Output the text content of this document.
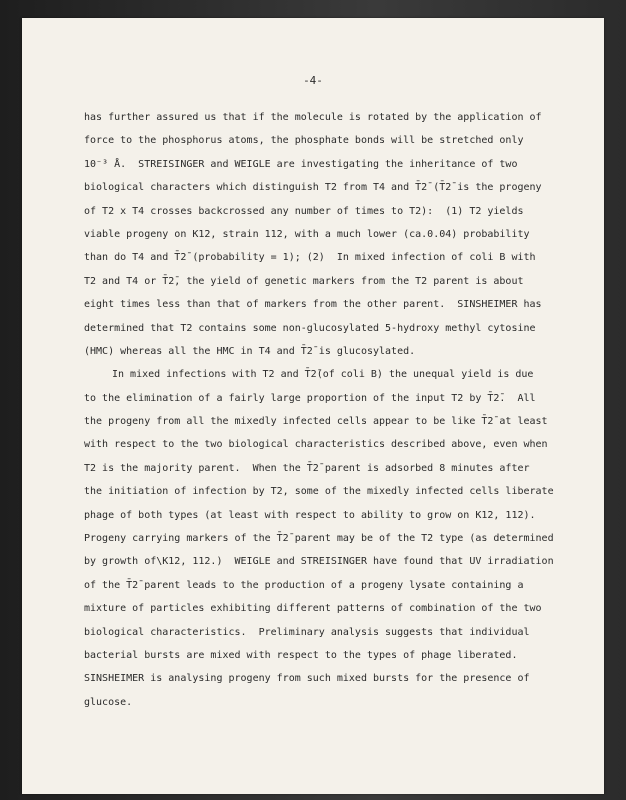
-4-
has further assured us that if the molecule is rotated by the application of
force to the phosphorus atoms, the phosphate bonds will be stretched only
10⁻³ Å.  STREISINGER and WEIGLE are investigating the inheritance of two
biological characters which distinguish T2 from T4 and T̄2̄ (T̄2̄ is the progeny
of T2 x T4 crosses backcrossed any number of times to T2):  (1) T2 yields
viable progeny on K12, strain 112, with a much lower (ca.0.04) probability
than do T4 and T̄2̄ (probability = 1); (2)  In mixed infection of coli B with
T2 and T4 or T̄2̄, the yield of genetic markers from the T2 parent is about
eight times less than that of markers from the other parent.  SINSHEIMER has
determined that T2 contains some non-glucosylated 5-hydroxy methyl cytosine
(HMC) whereas all the HMC in T4 and T̄2̄ is glucosylated.
In mixed infections with T2 and T̄2̄(of coli B) the unequal yield is due
to the elimination of a fairly large proportion of the input T2 by T̄2̄.  All
the progeny from all the mixedly infected cells appear to be like T̄2̄ at least
with respect to the two biological characteristics described above, even when
T2 is the majority parent.  When the T̄2̄ parent is adsorbed 8 minutes after
the initiation of infection by T2, some of the mixedly infected cells liberate
phage of both types (at least with respect to ability to grow on K12, 112).
Progeny carrying markers of the T̄2̄ parent may be of the T2 type (as determined
by growth of\K12, 112.)  WEIGLE and STREISINGER have found that UV irradiation
of the T̄2̄ parent leads to the production of a progeny lysate containing a
mixture of particles exhibiting different patterns of combination of the two
biological characteristics.  Preliminary analysis suggests that individual
bacterial bursts are mixed with respect to the types of phage liberated.
SINSHEIMER is analysing progeny from such mixed bursts for the presence of
glucose.
